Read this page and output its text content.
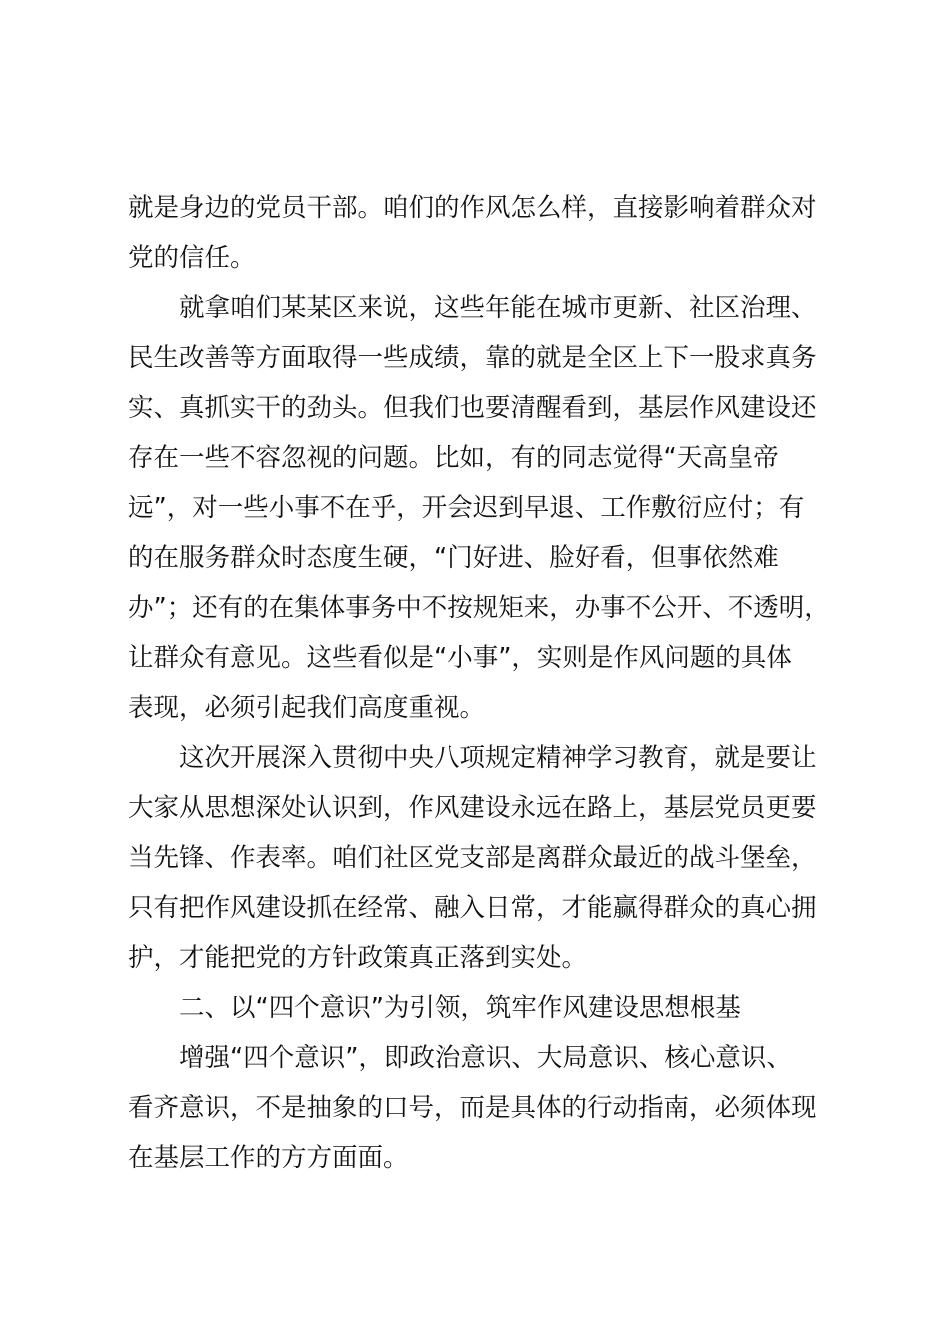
就是身边的党员干部。咱们的作风怎么样，直接影响着群众对
党的信任。
就拿咱们某某区来说，这些年能在城市更新、社区治理、
民生改善等方面取得一些成绩，靠的就是全区上下一股求真务
实、真抓实干的劲头。但我们也要清醒看到，基层作风建设还
存在一些不容忽视的问题。比如，有的同志觉得“天高皇帝
远”，对一些小事不在乎，开会迟到早退、工作敷衍应付；有
的在服务群众时态度生硬，“门好进、脸好看，但事依然难
办”；还有的在集体事务中不按规矩来，办事不公开、不透明，
让群众有意见。这些看似是“小事”，实则是作风问题的具体
表现，必须引起我们高度重视。
这次开展深入贯彻中央八项规定精神学习教育，就是要让
大家从思想深处认识到，作风建设永远在路上，基层党员更要
当先锋、作表率。咱们社区党支部是离群众最近的战斗堡垒，
只有把作风建设抓在经常、融入日常，才能赢得群众的真心拥
护，才能把党的方针政策真正落到实处。
二、以“四个意识”为引领，筑牢作风建设思想根基
增强“四个意识”，即政治意识、大局意识、核心意识、
看齐意识，不是抽象的口号，而是具体的行动指南，必须体现
在基层工作的方方面面。
